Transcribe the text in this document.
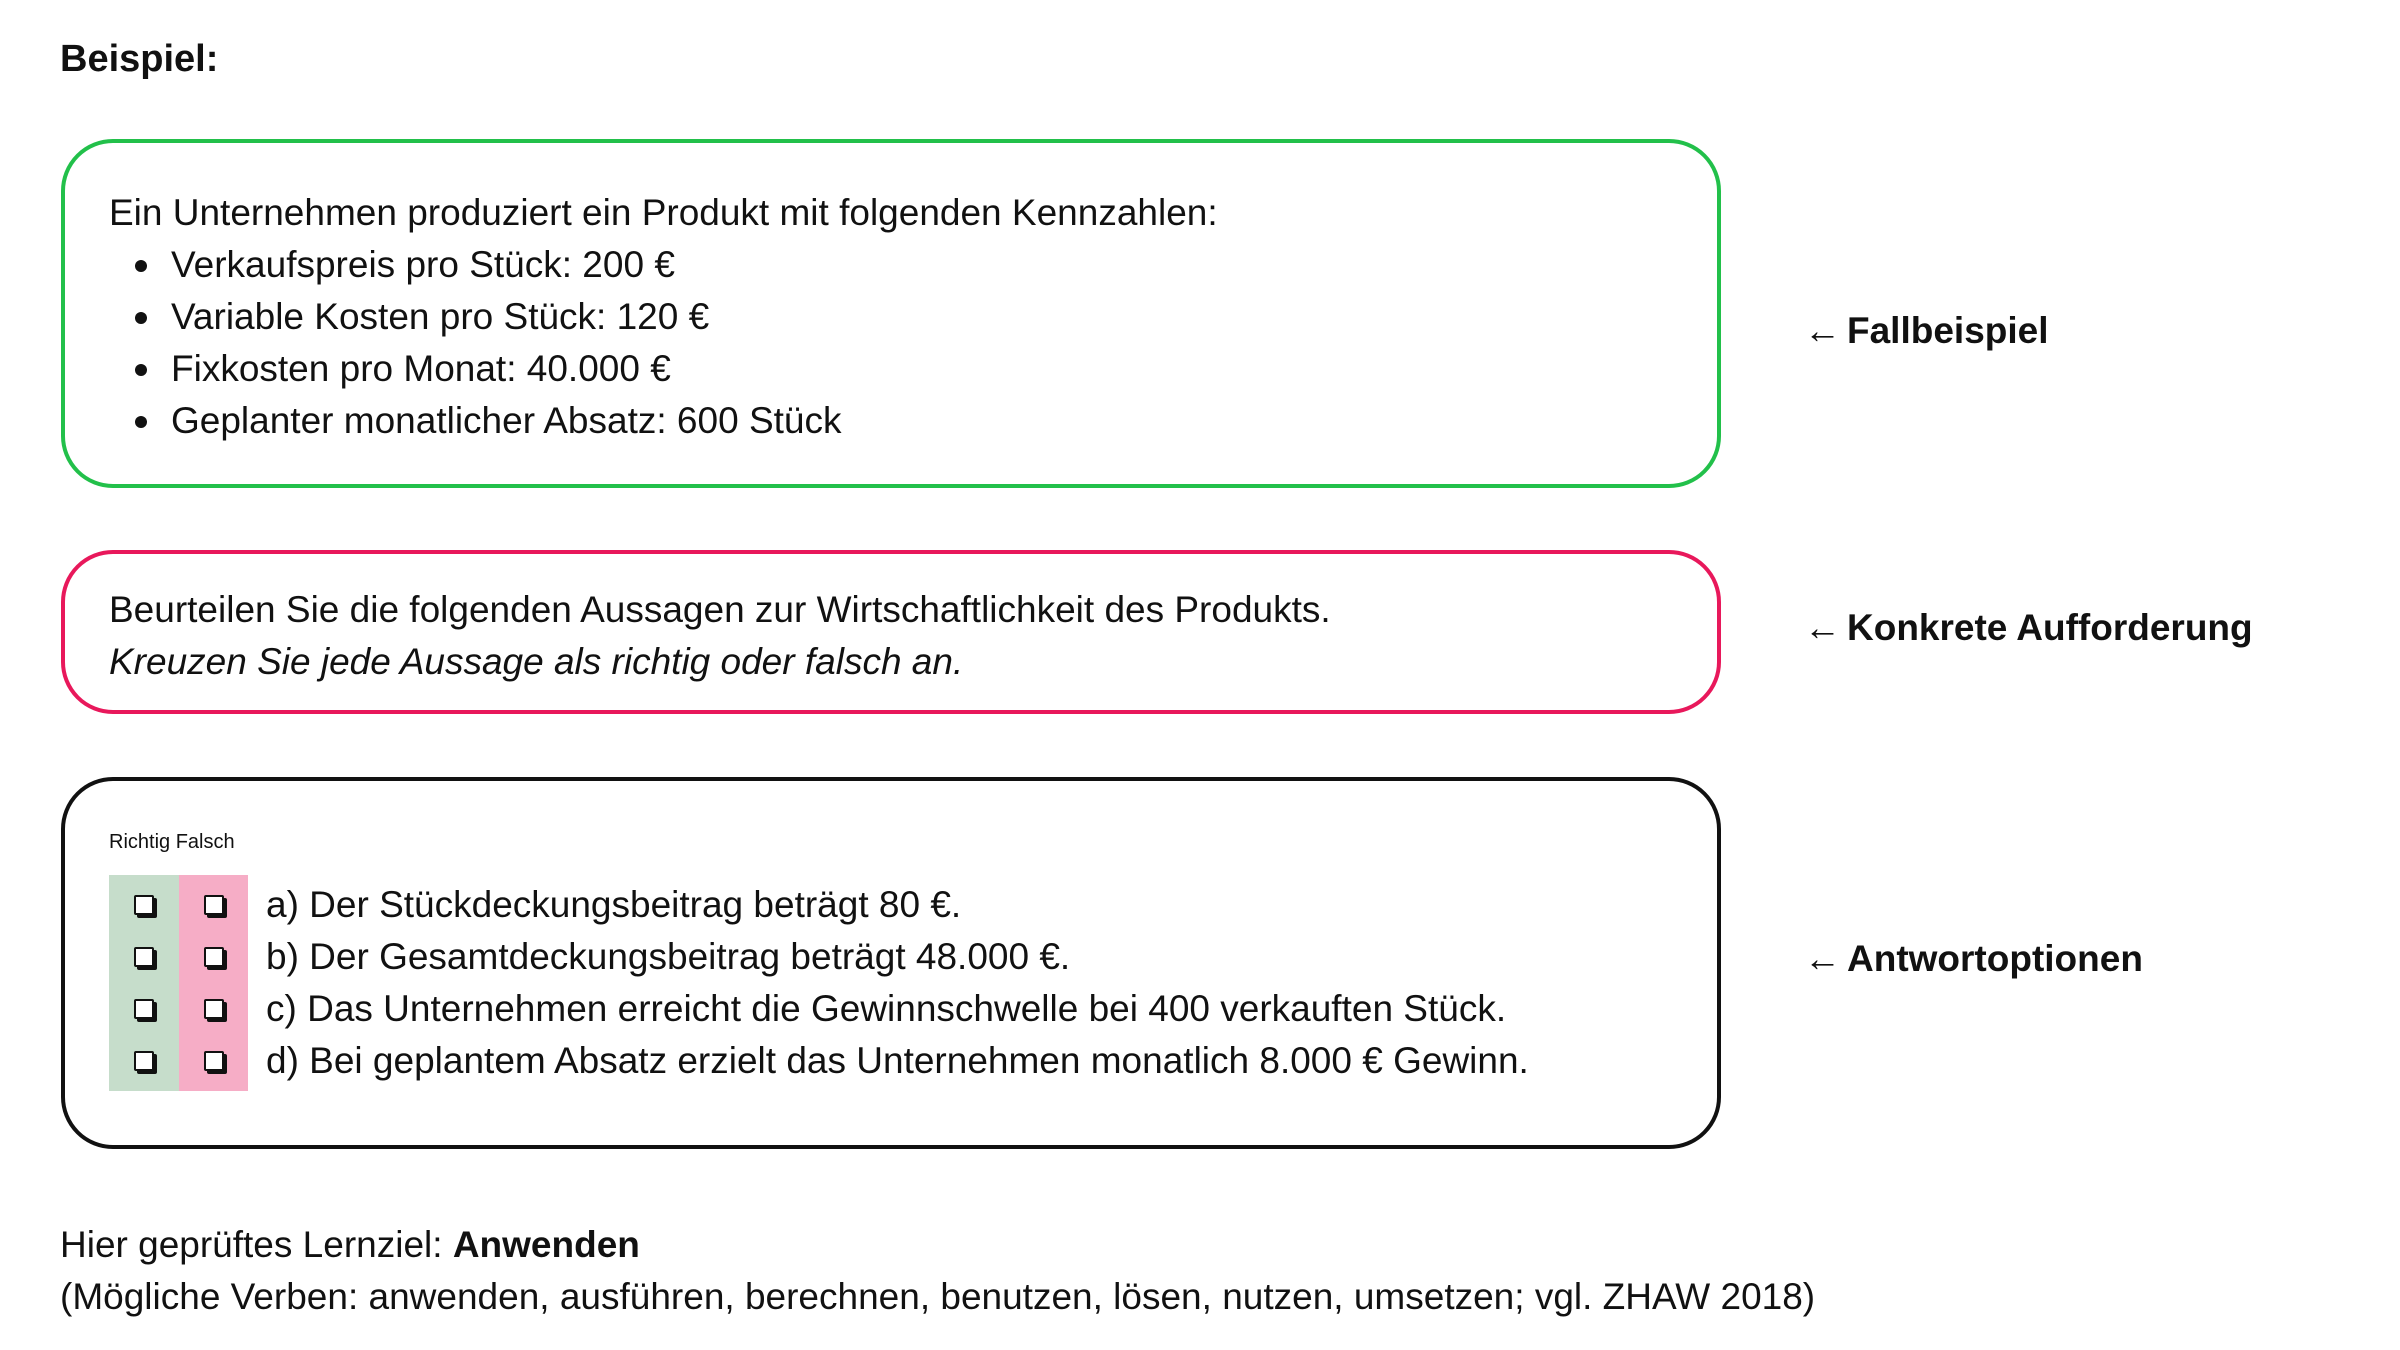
Beispiel:

Ein Unternehmen produziert ein Produkt mit folgenden Kennzahlen:

Verkaufspreis pro Stück: 200 €
Variable Kosten pro Stück: 120 €
Fixkosten pro Monat: 40.000 €
Geplanter monatlicher Absatz: 600 Stück

Beurteilen Sie die folgenden Aussagen zur Wirtschaftlichkeit des Produkts.

Kreuzen Sie jede Aussage als richtig oder falsch an.

Richtig Falsch

a) Der Stückdeckungsbeitrag beträgt 80 €.

b) Der Gesamtdeckungsbeitrag beträgt 48.000 €.

c) Das Unternehmen erreicht die Gewinnschwelle bei 400 verkauften Stück.

d) Bei geplantem Absatz erzielt das Unternehmen monatlich 8.000 € Gewinn.

← Fallbeispiel
← Konkrete Aufforderung
← Antwortoptionen

Hier geprüftes Lernziel: Anwenden

(Mögliche Verben: anwenden, ausführen, berechnen, benutzen, lösen, nutzen, umsetzen; vgl. ZHAW 2018)
